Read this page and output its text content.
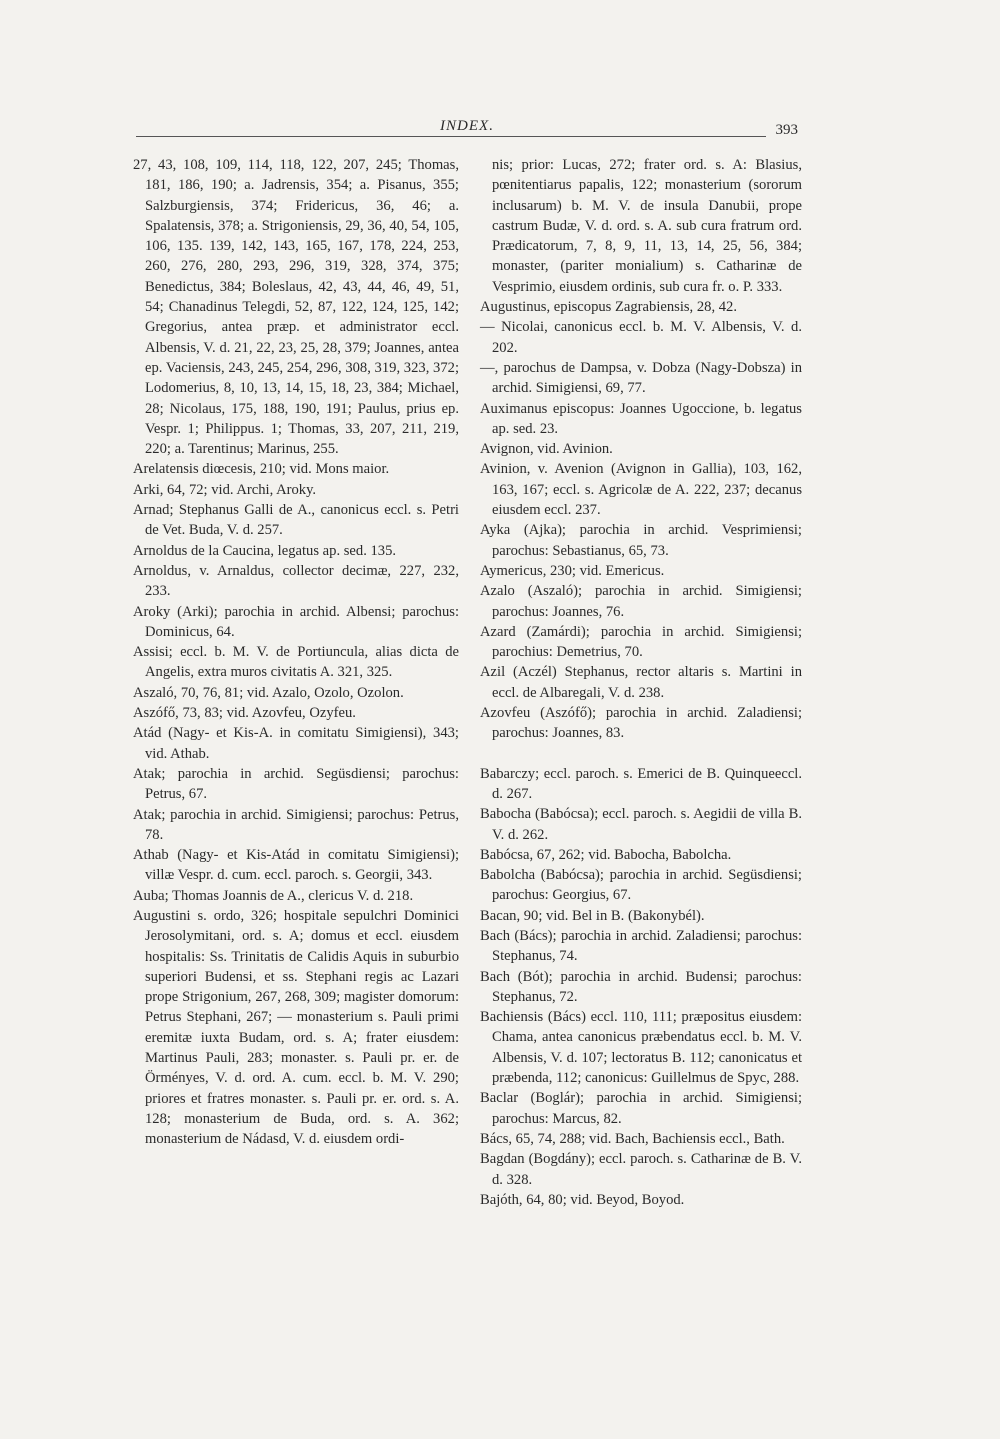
INDEX.	393

27, 43, 108, 109, 114, 118, 122, 207, 245; Thomas, 181, 186, 190; a. Jadrensis, 354; a. Pisanus, 355; Salzburgiensis, 374; Fridericus, 36, 46; a. Spalatensis, 378; a. Strigoniensis, 29, 36, 40, 54, 105, 106, 135. 139, 142, 143, 165, 167, 178, 224, 253, 260, 276, 280, 293, 296, 319, 328, 374, 375; Benedictus, 384; Boleslaus, 42, 43, 44, 46, 49, 51, 54; Chanadinus Telegdi, 52, 87, 122, 124, 125, 142; Gregorius, antea præp. et administrator eccl. Albensis, V. d. 21, 22, 23, 25, 28, 379; Joannes, antea ep. Vaciensis, 243, 245, 254, 296, 308, 319, 323, 372; Lodomerius, 8, 10, 13, 14, 15, 18, 23, 384; Michael, 28; Nicolaus, 175, 188, 190, 191; Paulus, prius ep. Vespr. 1; Philippus. 1; Thomas, 33, 207, 211, 219, 220; a. Tarentinus; Marinus, 255.

Arelatensis diœcesis, 210; vid. Mons maior.

Arki, 64, 72; vid. Archi, Aroky.

Arnad; Stephanus Galli de A., canonicus eccl. s. Petri de Vet. Buda, V. d. 257.

Arnoldus de la Caucina, legatus ap. sed. 135.

Arnoldus, v. Arnaldus, collector decimæ, 227, 232, 233.

Aroky (Arki); parochia in archid. Albensi; parochus: Dominicus, 64.

Assisi; eccl. b. M. V. de Portiuncula, alias dicta de Angelis, extra muros civitatis A. 321, 325.

Aszaló, 70, 76, 81; vid. Azalo, Ozolo, Ozolon.

Aszófő, 73, 83; vid. Azovfeu, Ozyfeu.

Atád (Nagy- et Kis-A. in comitatu Simigiensi), 343; vid. Athab.

Atak; parochia in archid. Següsdiensi; parochus: Petrus, 67.

Atak; parochia in archid. Simigiensi; parochus: Petrus, 78.

Athab (Nagy- et Kis-Atád in comitatu Simigiensi); villæ Vespr. d. cum. eccl. paroch. s. Georgii, 343.

Auba; Thomas Joannis de A., clericus V. d. 218.

Augustini s. ordo, 326; hospitale sepulchri Dominici Jerosolymitani, ord. s. A; domus et eccl. eiusdem hospitalis: Ss. Trinitatis de Calidis Aquis in suburbio superiori Budensi, et ss. Stephani regis ac Lazari prope Strigonium, 267, 268, 309; magister domorum: Petrus Stephani, 267; — monasterium s. Pauli primi eremitæ iuxta Budam, ord. s. A; frater eiusdem: Martinus Pauli, 283; monaster. s. Pauli pr. er. de Örményes, V. d. ord. A. cum. eccl. b. M. V. 290; priores et fratres monaster. s. Pauli pr. er. ord. s. A. 128; monasterium de Buda, ord. s. A. 362; monasterium de Nádasd, V. d. eiusdem ordi-

nis; prior: Lucas, 272; frater ord. s. A: Blasius, pœnitentiarus papalis, 122; monasterium (sororum inclusarum) b. M. V. de insula Danubii, prope castrum Budæ, V. d. ord. s. A. sub cura fratrum ord. Prædicatorum, 7, 8, 9, 11, 13, 14, 25, 56, 384; monaster, (pariter monialium) s. Catharinæ de Vesprimio, eiusdem ordinis, sub cura fr. o. P. 333.

Augustinus, episcopus Zagrabiensis, 28, 42.

— Nicolai, canonicus eccl. b. M. V. Albensis, V. d. 202.

—, parochus de Dampsa, v. Dobza (Nagy-Dobsza) in archid. Simigiensi, 69, 77.

Auximanus episcopus: Joannes Ugoccione, b. legatus ap. sed. 23.

Avignon, vid. Avinion.

Avinion, v. Avenion (Avignon in Gallia), 103, 162, 163, 167; eccl. s. Agricolæ de A. 222, 237; decanus eiusdem eccl. 237.

Ayka (Ajka); parochia in archid. Vesprimiensi; parochus: Sebastianus, 65, 73.

Aymericus, 230; vid. Emericus.

Azalo (Aszaló); parochia in archid. Simigiensi; parochus: Joannes, 76.

Azard (Zamárdi); parochia in archid. Simigiensi; parochius: Demetrius, 70.

Azil (Aczél) Stephanus, rector altaris s. Martini in eccl. de Albaregali, V. d. 238.

Azovfeu (Aszófő); parochia in archid. Zaladiensi; parochus: Joannes, 83.

Babarczy; eccl. paroch. s. Emerici de B. Quinqueeccl. d. 267.

Babocha (Babócsa); eccl. paroch. s. Aegidii de villa B. V. d. 262.

Babócsa, 67, 262; vid. Babocha, Babolcha.

Babolcha (Babócsa); parochia in archid. Següsdiensi; parochus: Georgius, 67.

Bacan, 90; vid. Bel in B. (Bakonybél).

Bach (Bács); parochia in archid. Zaladiensi; parochus: Stephanus, 74.

Bach (Bót); parochia in archid. Budensi; parochus: Stephanus, 72.

Bachiensis (Bács) eccl. 110, 111; præpositus eiusdem: Chama, antea canonicus præbendatus eccl. b. M. V. Albensis, V. d. 107; lectoratus B. 112; canonicatus et præbenda, 112; canonicus: Guillelmus de Spyc, 288.

Baclar (Boglár); parochia in archid. Simigiensi; parochus: Marcus, 82.

Bács, 65, 74, 288; vid. Bach, Bachiensis eccl., Bath.

Bagdan (Bogdány); eccl. paroch. s. Catharinæ de B. V. d. 328.

Bajóth, 64, 80; vid. Beyod, Boyod.
